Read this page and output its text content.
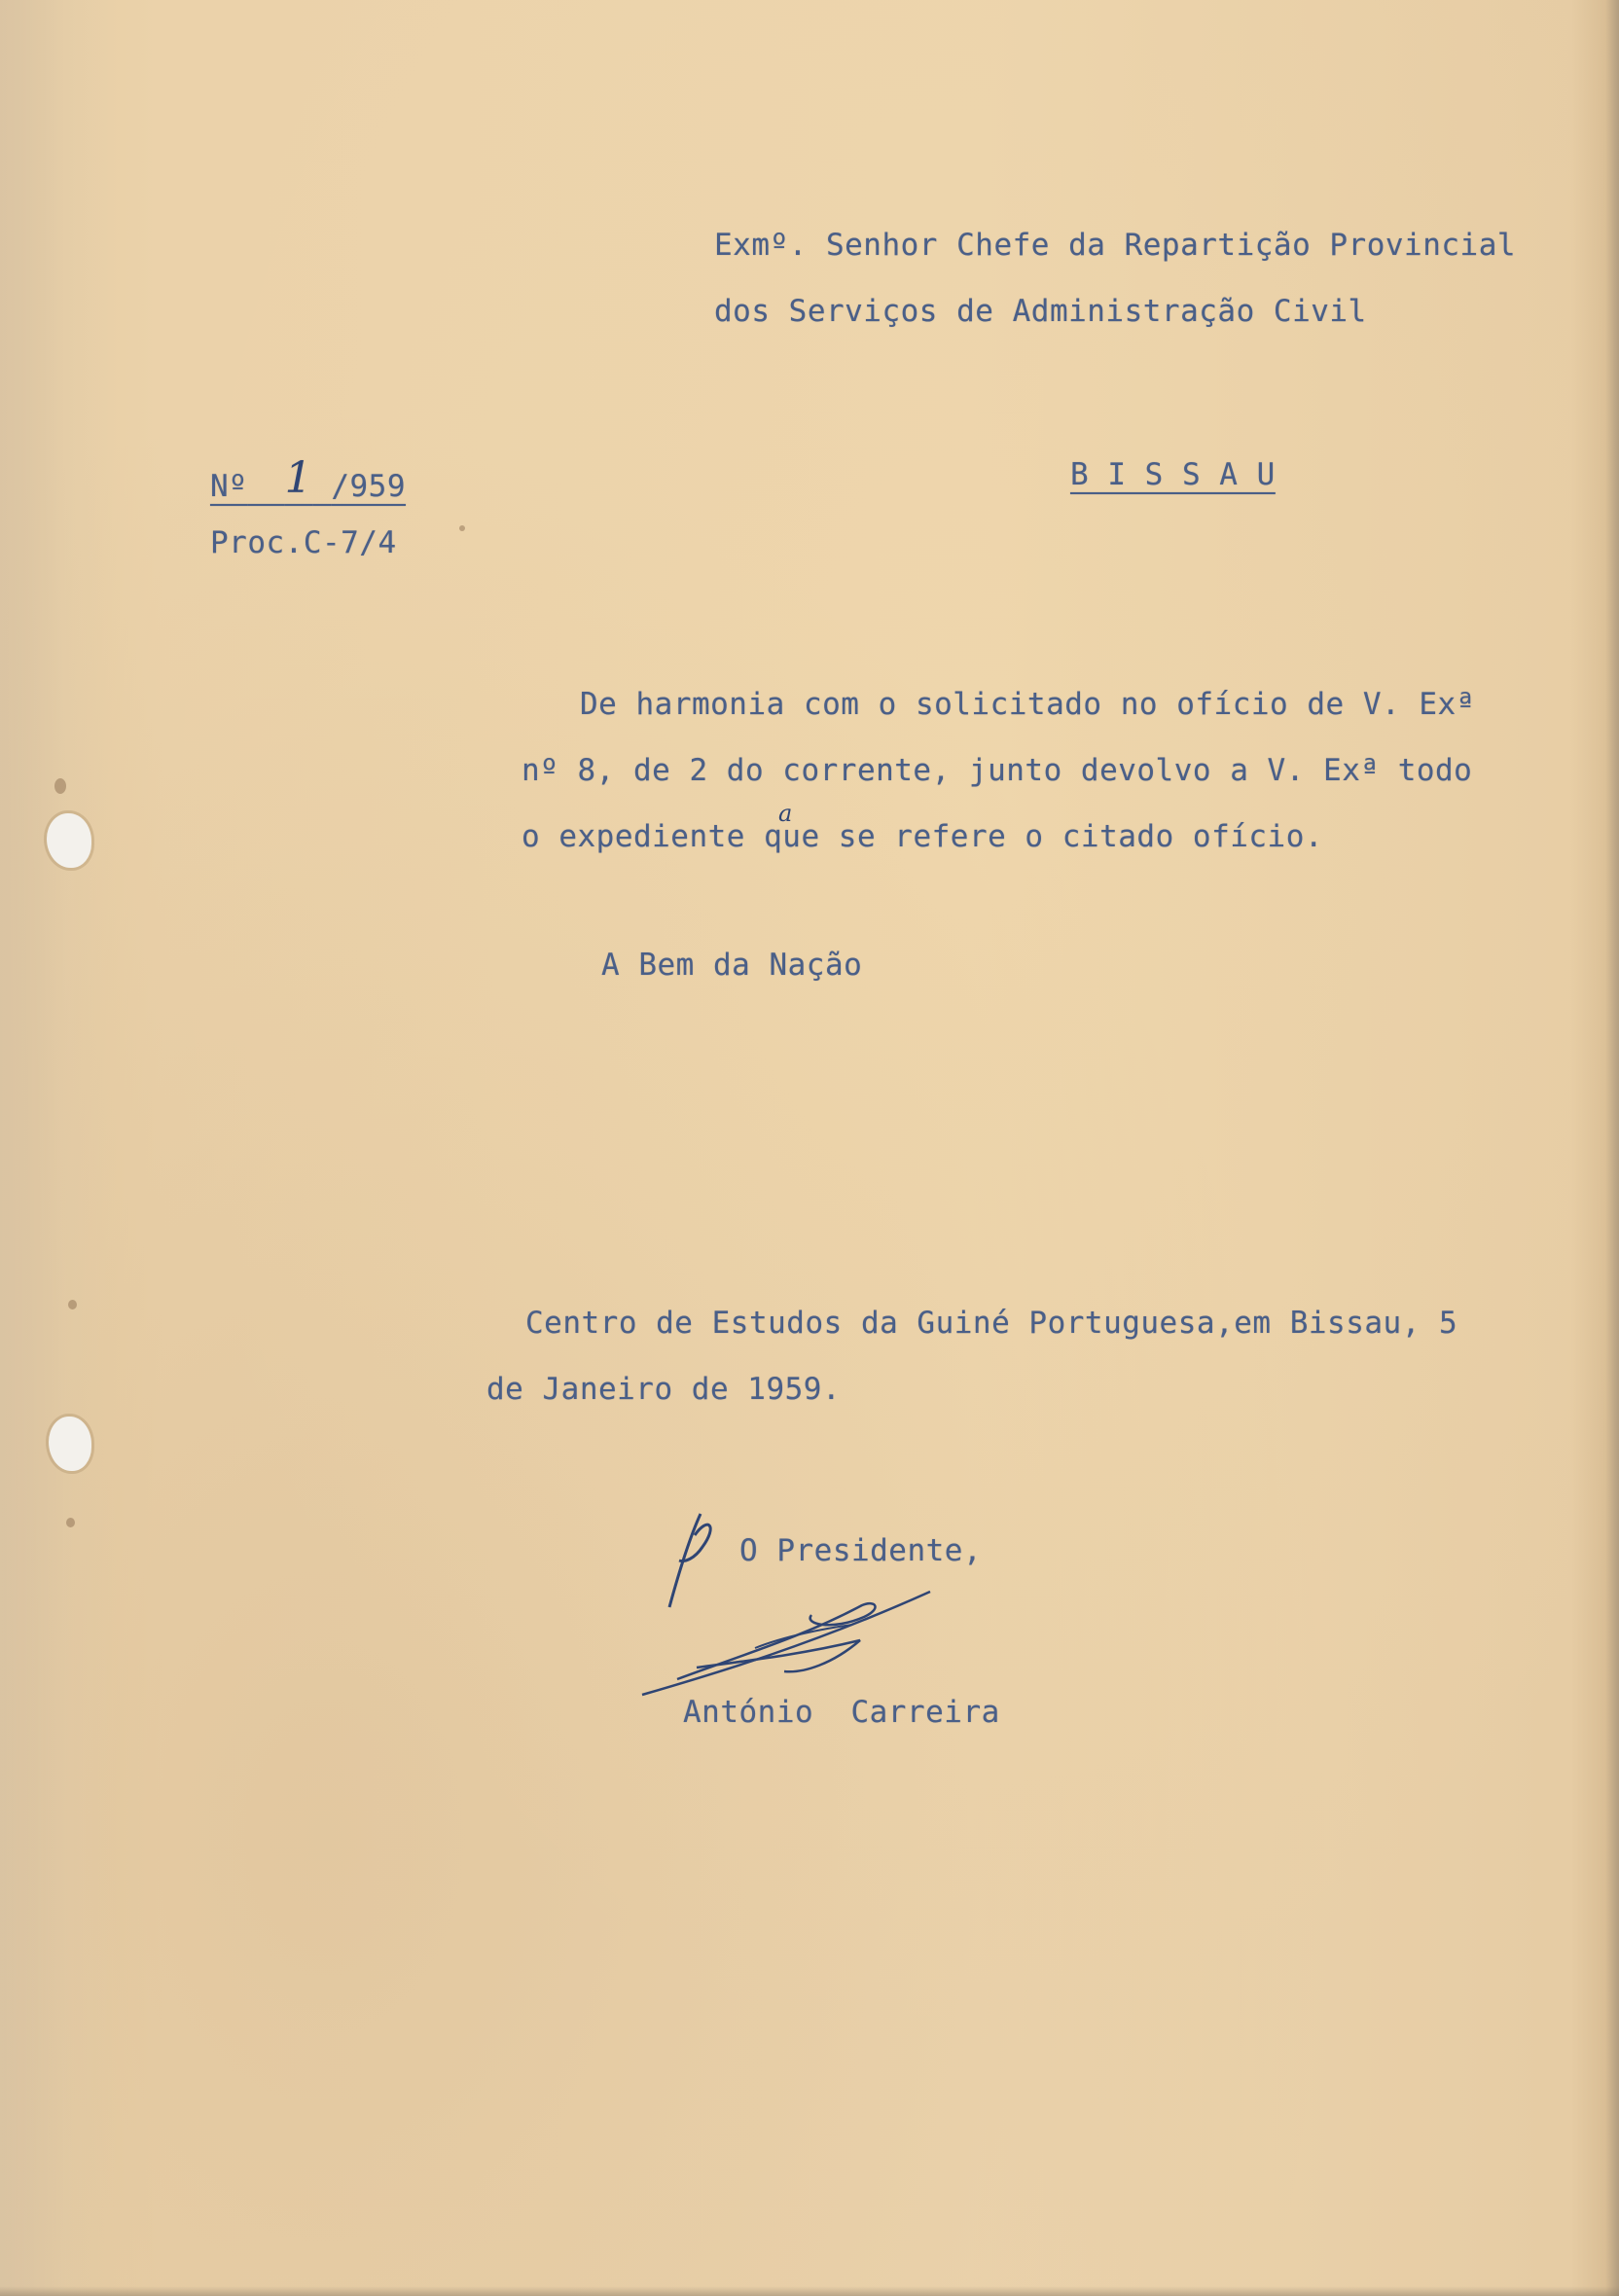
Exmº. Senhor Chefe da Repartição Provincial
dos Serviços de Administração Civil
Nº 1 /959
Proc.C-7/4
B I S S A U
De harmonia com o solicitado no ofício de V. Exª
nº 8, de 2 do corrente, junto devolvo a V. Exª todo
o expediente que se refere o citado ofício.
a
A Bem da Nação
Centro de Estudos da Guiné Portuguesa,em Bissau, 5
de Janeiro de 1959.
O Presidente,
António  Carreira
